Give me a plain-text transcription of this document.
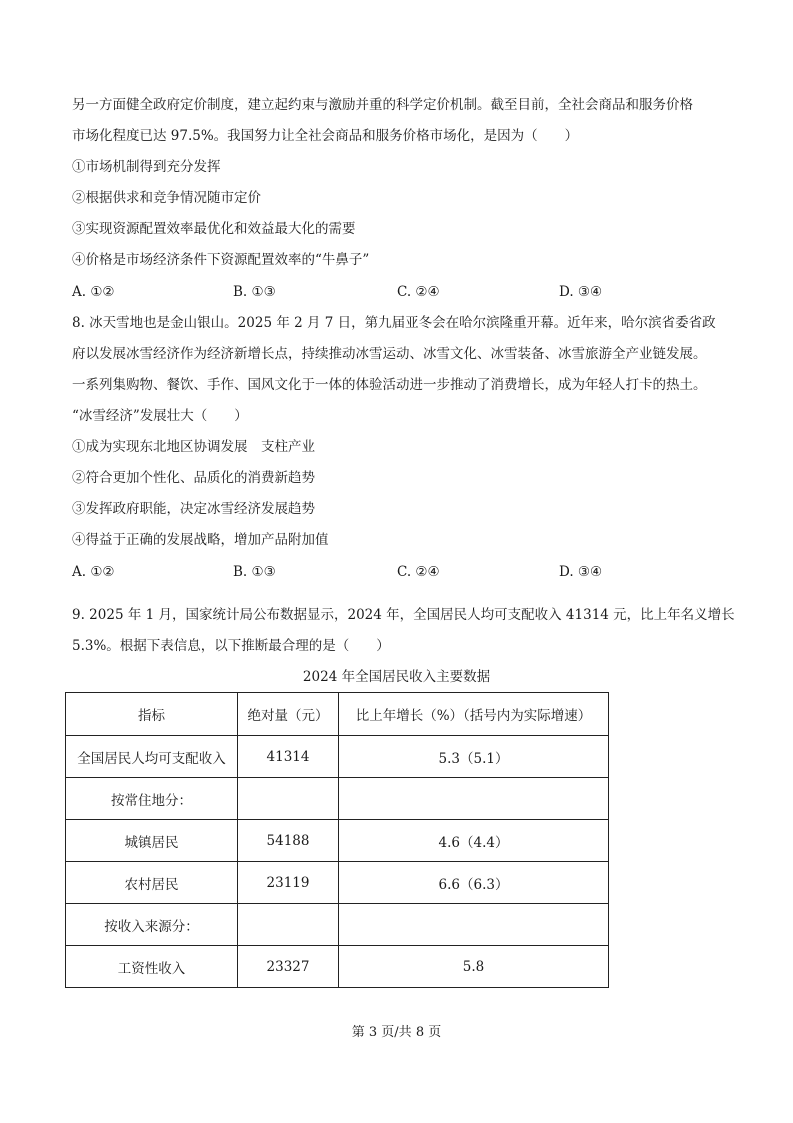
另一方面健全政府定价制度，建立起约束与激励并重的科学定价机制。截至目前，全社会商品和服务价格
市场化程度已达 97.5%。我国努力让全社会商品和服务价格市场化，是因为（　　）
①市场机制得到充分发挥
②根据供求和竞争情况随市定价
③实现资源配置效率最优化和效益最大化的需要
④价格是市场经济条件下资源配置效率的“牛鼻子”
A. ①②	B. ①③	C. ②④	D. ③④
8. 冰天雪地也是金山银山。2025 年 2 月 7 日，第九届亚冬会在哈尔滨隆重开幕。近年来，哈尔滨省委省政
府以发展冰雪经济作为经济新增长点，持续推动冰雪运动、冰雪文化、冰雪装备、冰雪旅游全产业链发展。
一系列集购物、餐饮、手作、国风文化于一体的体验活动进一步推动了消费增长，成为年轻人打卡的热土。
“冰雪经济”发展壮大（　　）
①成为实现东北地区协调发展　支柱产业
②符合更加个性化、品质化的消费新趋势
③发挥政府职能，决定冰雪经济发展趋势
④得益于正确的发展战略，增加产品附加值
A. ①②	B. ①③	C. ②④	D. ③④
9. 2025 年 1 月，国家统计局公布数据显示，2024 年，全国居民人均可支配收入 41314 元，比上年名义增长
5.3%。根据下表信息，以下推断最合理的是（　　）
2024 年全国居民收入主要数据
指标	绝对量（元）	比上年增长（%）（括号内为实际增速）
全国居民人均可支配收入	41314	5.3（5.1）
按常住地分：		
城镇居民	54188	4.6（4.4）
农村居民	23119	6.6（6.3）
按收入来源分：		
工资性收入	23327	5.8
第 3 页/共 8 页
